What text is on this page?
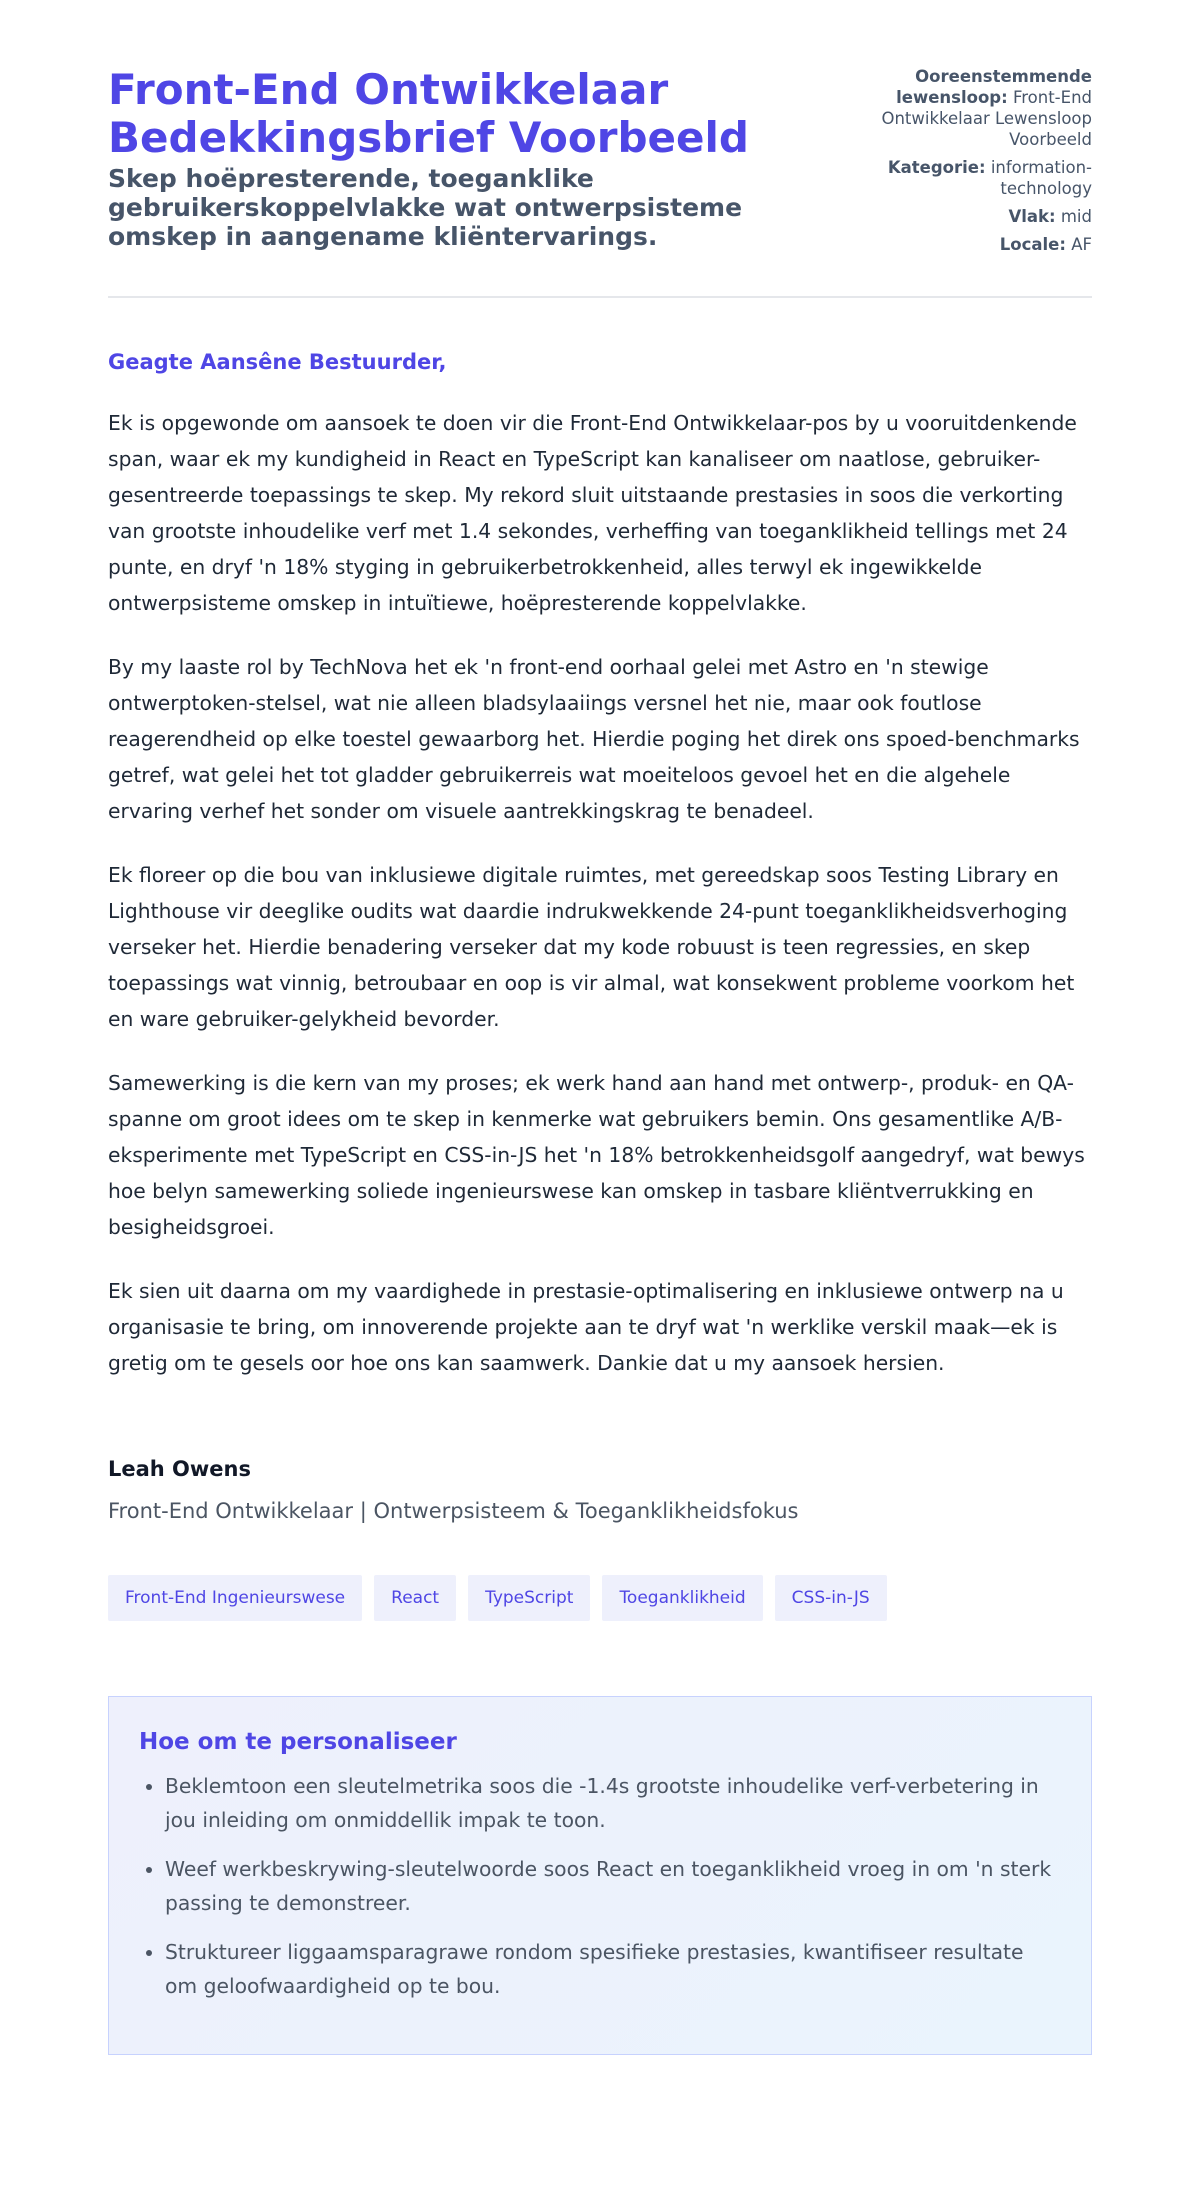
Front-End Ontwikkelaar
Bedekkingsbrief Voorbeeld
Skep hoëpresterende, toeganklike gebruikerskoppelvlakke wat ontwerpsisteme omskep in aangename kliëntervarings.
Ooreenstemmende lewensloop: Front-End Ontwikkelaar Lewensloop Voorbeeld
Kategorie: information-technology
Vlak: mid
Locale: AF
Geagte Aansêne Bestuurder,

Ek is opgewonde om aansoek te doen vir die Front-End Ontwikkelaar-pos by u vooruitdenkende span, waar ek my kundigheid in React en TypeScript kan kanaliseer om naatlose, gebruiker-gesentreerde toepassings te skep. My rekord sluit uitstaande prestasies in soos die verkorting van grootste inhoudelike verf met 1.4 sekondes, verheffing van toeganklikheid tellings met 24 punte, en dryf 'n 18% styging in gebruikerbetrokkenheid, alles terwyl ek ingewikkelde ontwerpsisteme omskep in intuïtiewe, hoëpresterende koppelvlakke.

By my laaste rol by TechNova het ek 'n front-end oorhaal gelei met Astro en 'n stewige ontwerptoken-stelsel, wat nie alleen bladsylaaiings versnel het nie, maar ook foutlose reagerendheid op elke toestel gewaarborg het. Hierdie poging het direk ons spoed-benchmarks getref, wat gelei het tot gladder gebruikerreis wat moeiteloos gevoel het en die algehele ervaring verhef het sonder om visuele aantrekkingskrag te benadeel.

Ek floreer op die bou van inklusiewe digitale ruimtes, met gereedskap soos Testing Library en Lighthouse vir deeglike oudits wat daardie indrukwekkende 24-punt toeganklikheidsverhoging verseker het. Hierdie benadering verseker dat my kode robuust is teen regressies, en skep toepassings wat vinnig, betroubaar en oop is vir almal, wat konsekwent probleme voorkom het en ware gebruiker-gelykheid bevorder.

Samewerking is die kern van my proses; ek werk hand aan hand met ontwerp-, produk- en QA-spanne om groot idees om te skep in kenmerke wat gebruikers bemin. Ons gesamentlike A/B-eksperimente met TypeScript en CSS-in-JS het 'n 18% betrokkenheidsgolf aangedryf, wat bewys hoe belyn samewerking soliede ingenieurswese kan omskep in tasbare kliëntverrukking en besigheidsgroei.

Ek sien uit daarna om my vaardighede in prestasie-optimalisering en inklusiewe ontwerp na u organisasie te bring, om innoverende projekte aan te dryf wat 'n werklike verskil maak—ek is gretig om te gesels oor hoe ons kan saamwerk. Dankie dat u my aansoek hersien.

Leah Owens
Front-End Ontwikkelaar | Ontwerpsisteem & Toeganklikheidsfokus
Front-End Ingenieurswese	React	TypeScript	Toeganklikheid	CSS-in-JS
Hoe om te personaliseer
• Beklemtoon een sleutelmetrika soos die -1.4s grootste inhoudelike verf-verbetering in jou inleiding om onmiddellik impak te toon.
• Weef werkbeskrywing-sleutelwoorde soos React en toeganklikheid vroeg in om 'n sterk passing te demonstreer.
• Struktureer liggaamsparagrawe rondom spesifieke prestasies, kwantifiseer resultate om geloofwaardigheid op te bou.
